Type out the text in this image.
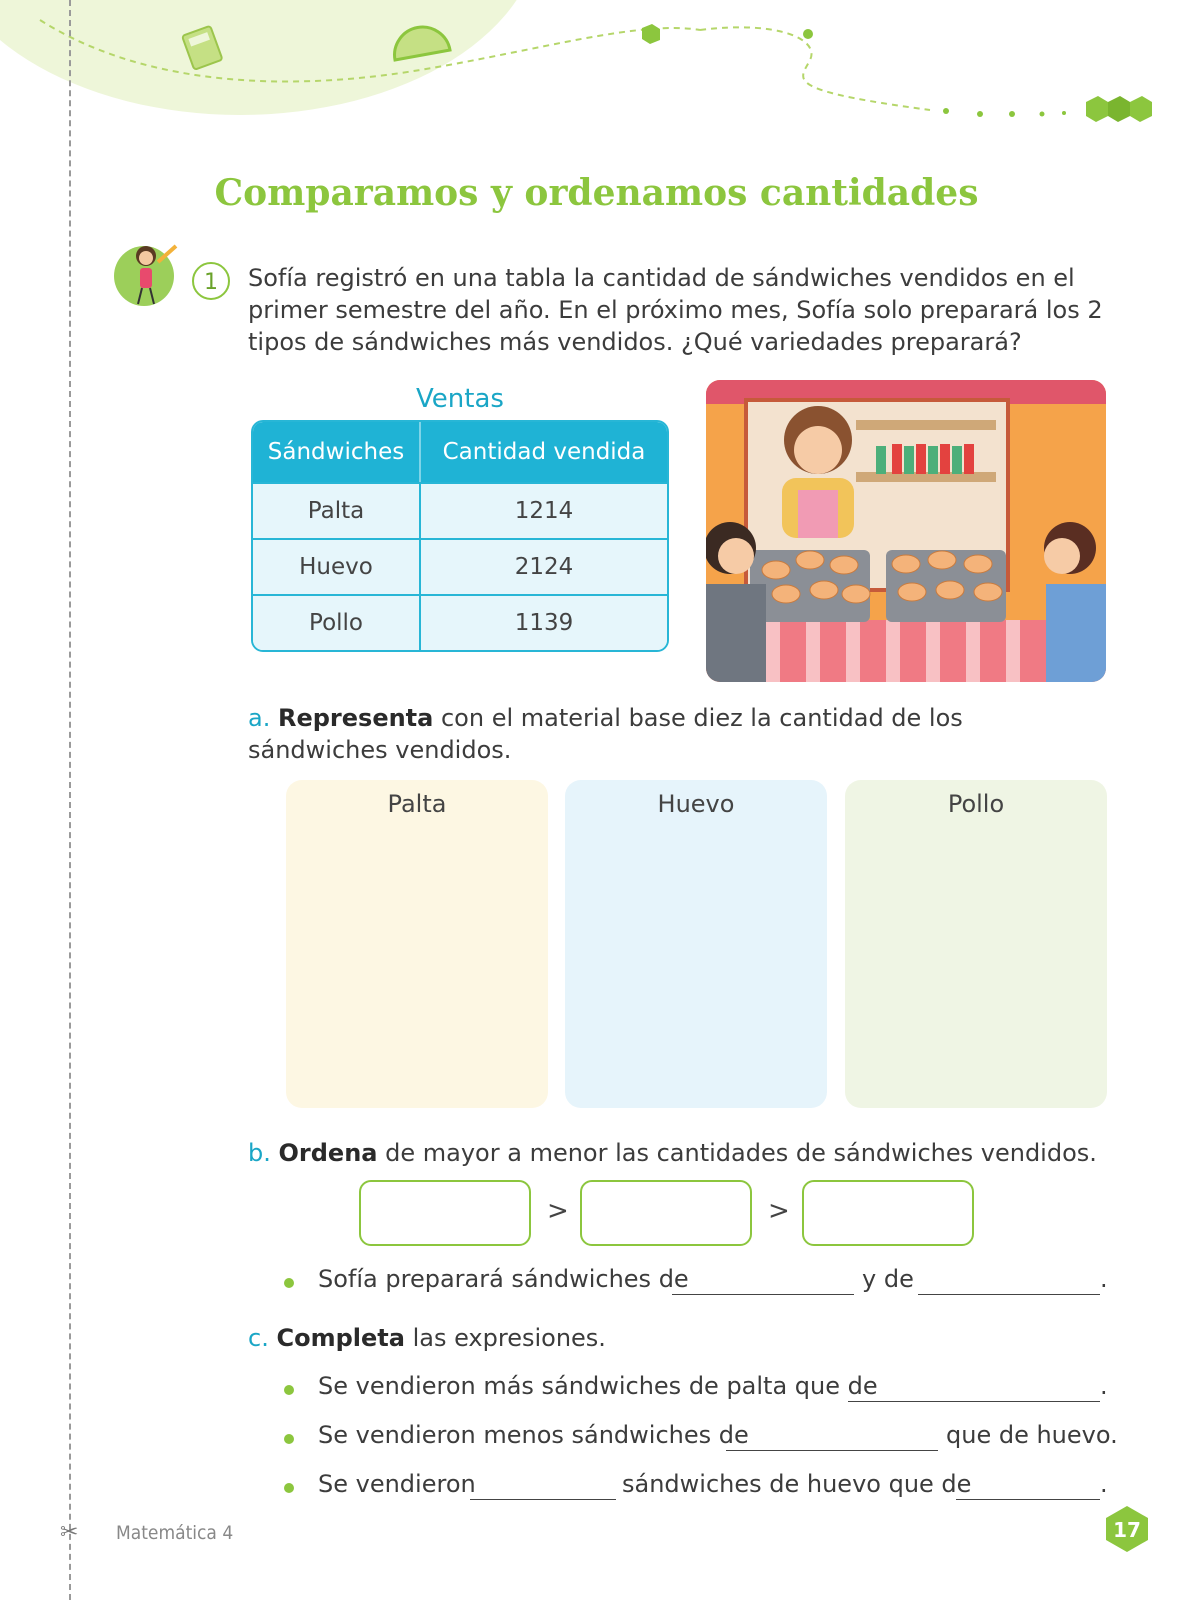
Comparamos y ordenamos cantidades
1	Sofía registró en una tabla la cantidad de sándwiches vendidos en el primer semestre del año. En el próximo mes, Sofía solo preparará los 2 tipos de sándwiches más vendidos. ¿Qué variedades preparará?
Ventas
Sándwiches	Cantidad vendida
Palta	1214
Huevo	2124
Pollo	1139
a. Representa con el material base diez la cantidad de los sándwiches vendidos.
Palta	Huevo	Pollo
b. Ordena de mayor a menor las cantidades de sándwiches vendidos.
>	>
Sofía preparará sándwiches de	y de	.
c. Completa las expresiones.
Se vendieron más sándwiches de palta que de	.
Se vendieron menos sándwiches de	que de huevo.
Se vendieron	sándwiches de huevo que de	.
✂ Matemática 4	17
